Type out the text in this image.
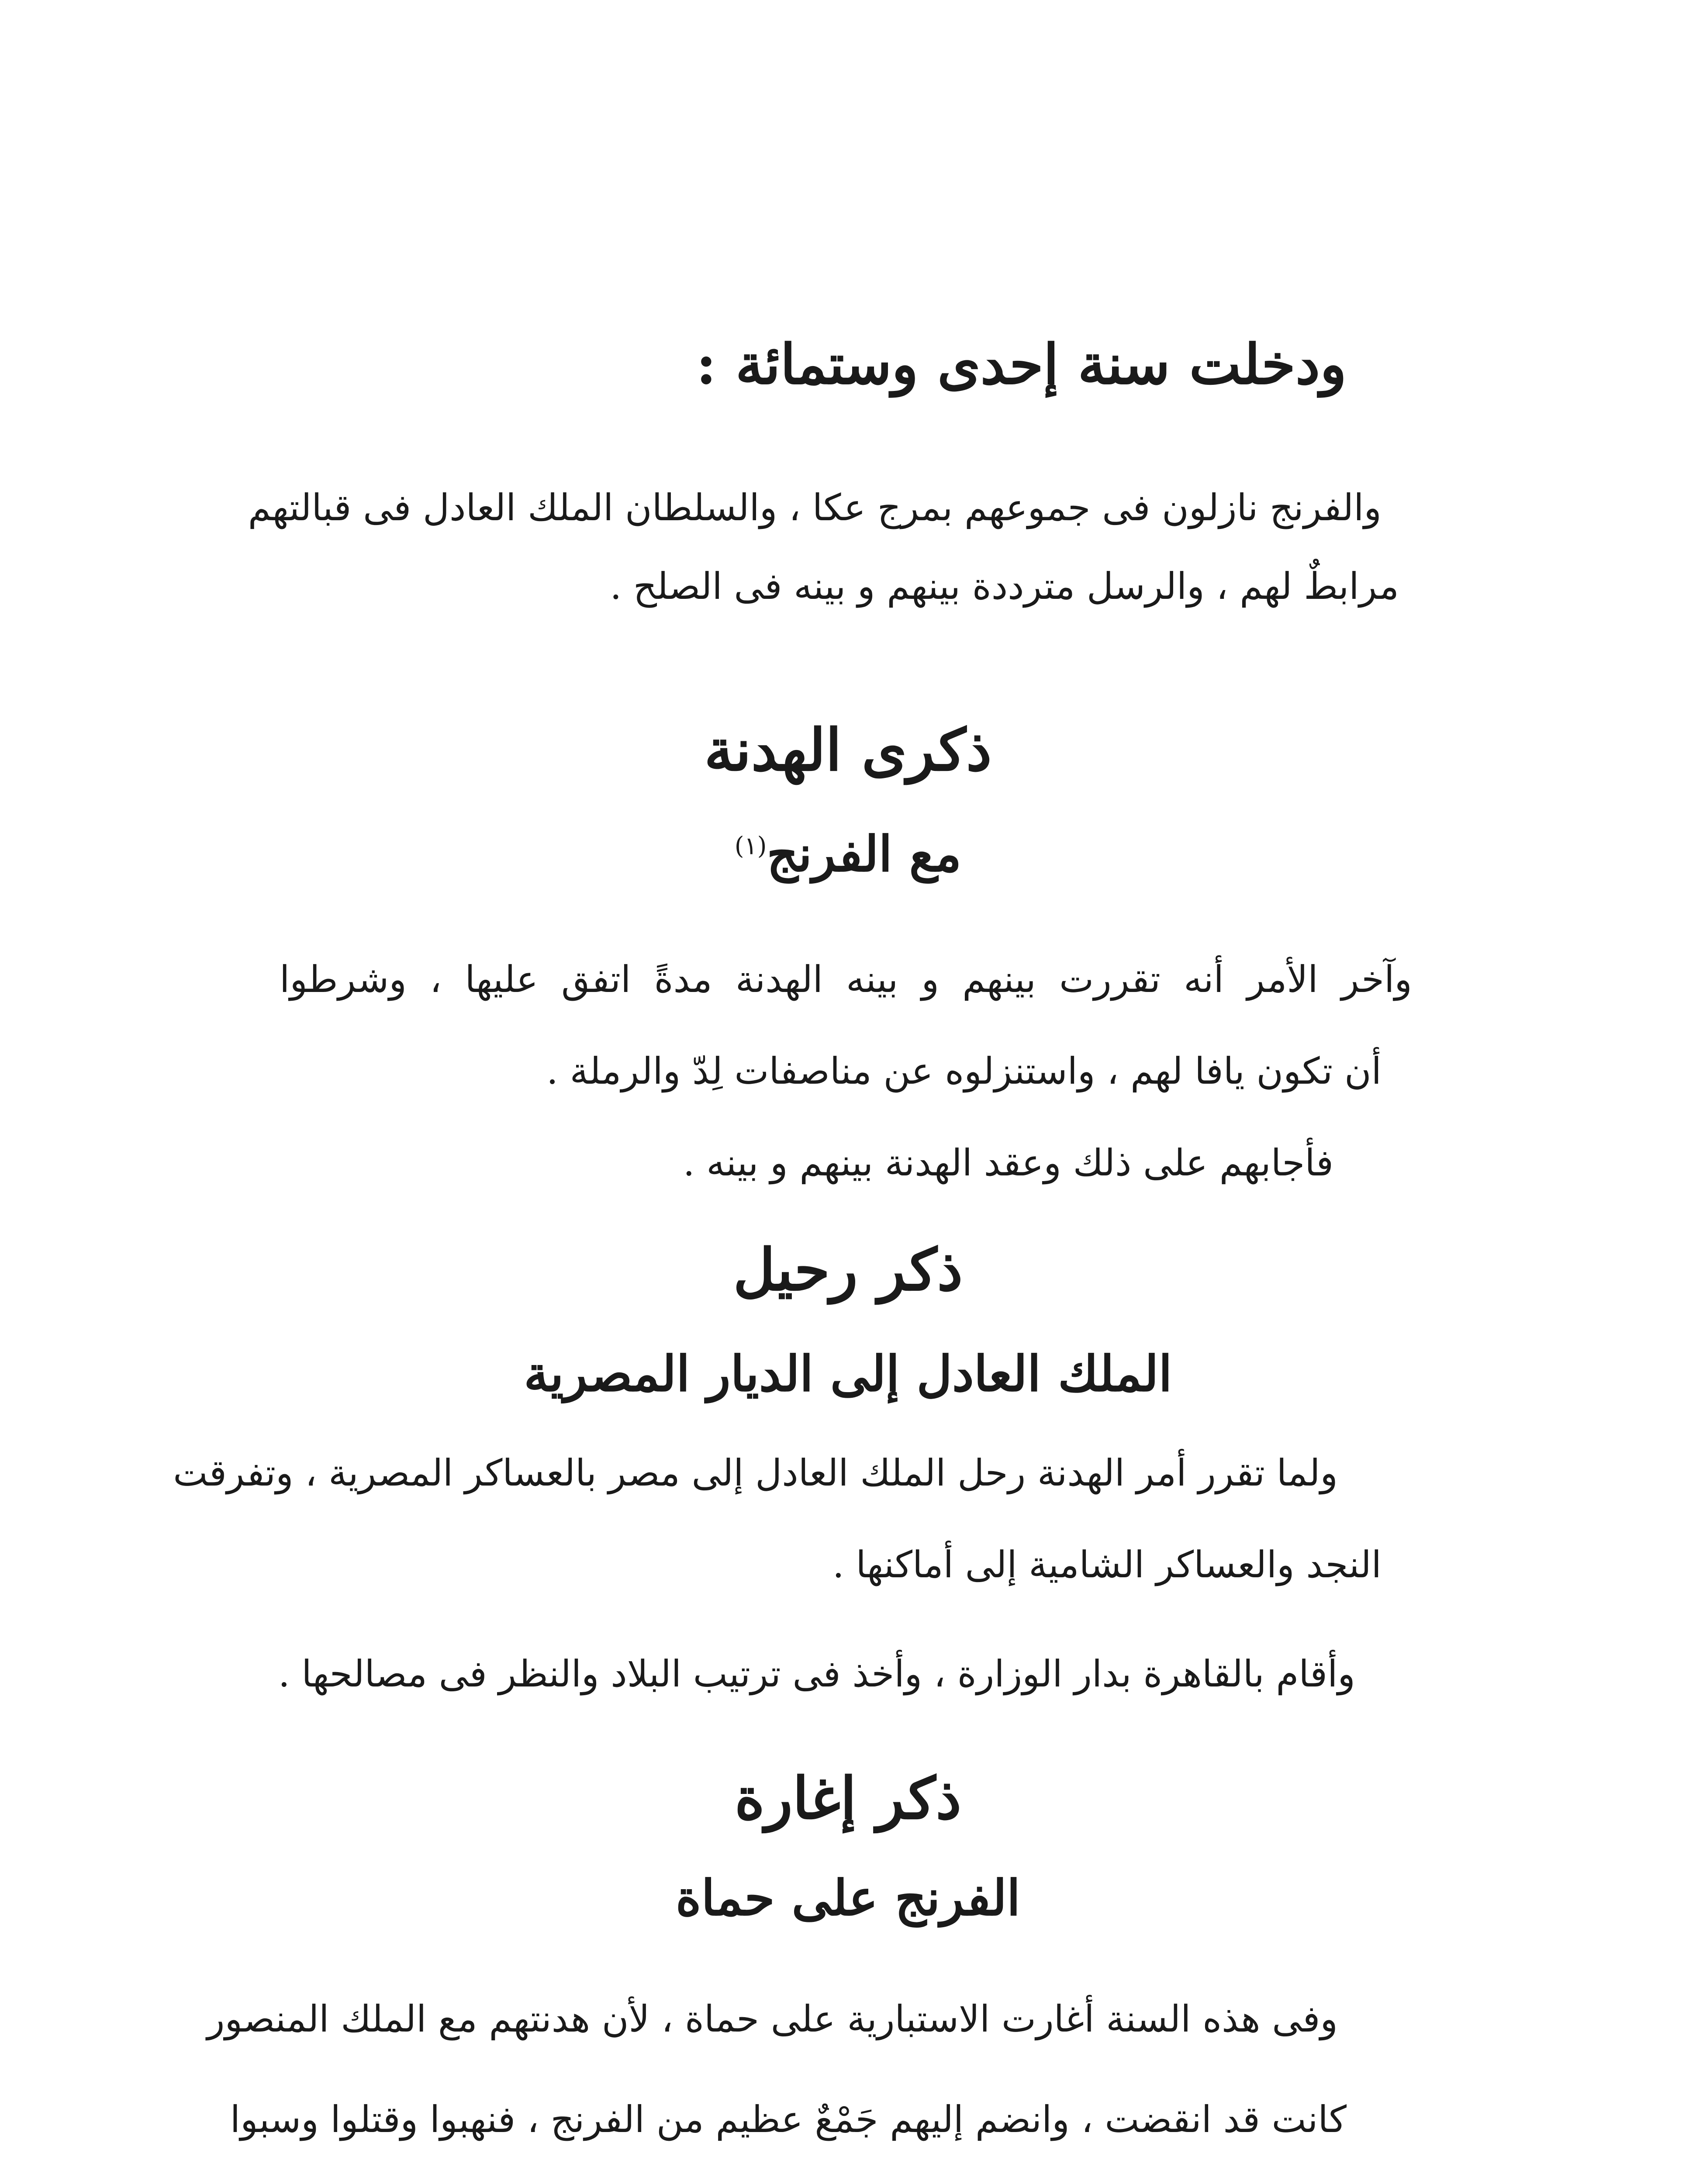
ودخلت سنة إحدى وستمائة :
والفرنج نازلون فى جموعهم بمرج عكا ، والسلطان الملك العادل فى قبالتهم
مرابطٌ لهم ، والرسل مترددة بينهم و بينه فى الصلح .
ذكرى الهدنة
مع الفرنج$^{(١)}$
وآخر الأمر أنه تقررت بينهم و بينه الهدنة مدةً اتفق عليها ، وشرطوا
أن تكون يافا لهم ، واستنزلوه عن مناصفات لِدّ والرملة .
فأجابهم على ذلك وعقد الهدنة بينهم و بينه .
ذكر رحيل
الملك العادل إلى الديار المصرية
ولما تقرر أمر الهدنة رحل الملك العادل إلى مصر بالعساكر المصرية ، وتفرقت
النجد والعساكر الشامية إلى أماكنها .
وأقام بالقاهرة بدار الوزارة ، وأخذ فى ترتيب البلاد والنظر فى مصالحها .
ذكر إغارة
الفرنج على حماة
وفى هذه السنة أغارت الاستبارية على حماة ، لأن هدنتهم مع الملك المنصور
كانت قد انقضت ، وانضم إليهم جَمْعٌ عظيم من الفرنج ، فنهبوا وقتلوا وسبوا
